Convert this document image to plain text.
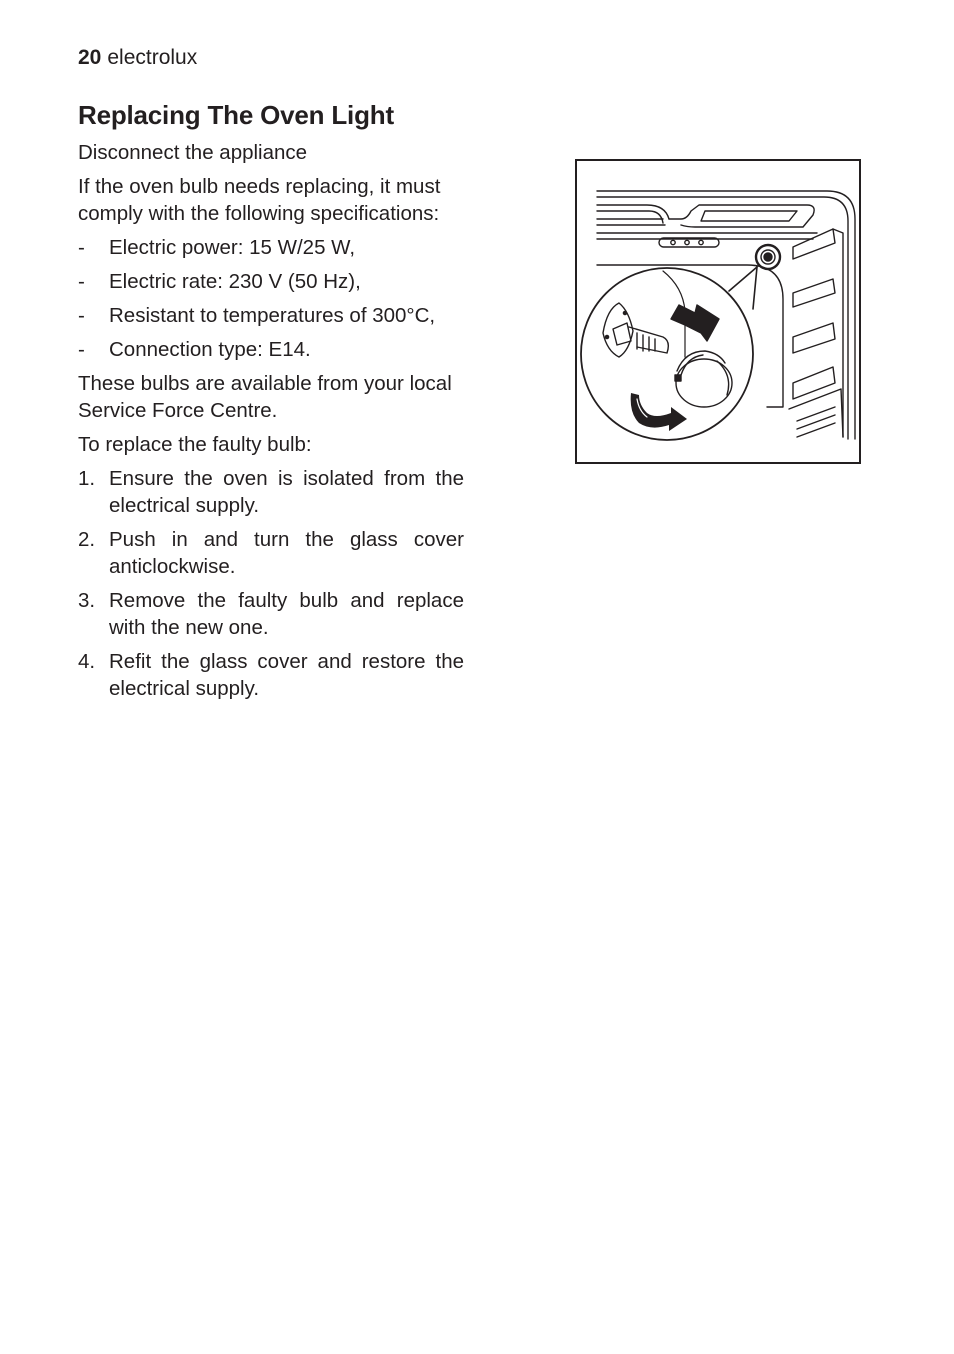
20 electrolux
Replacing The Oven Light

Disconnect the appliance

If the oven bulb needs replacing, it must comply with the following specifications:

-	Electric power: 15 W/25 W,
-	Electric rate: 230 V (50 Hz),
-	Resistant to temperatures of 300°C,
-	Connection type: E14.

These bulbs are available from your local Service Force Centre.

To replace the faulty bulb:

1. Ensure the oven is isolated from the electrical supply.
2. Push in and turn the glass cover anticlockwise.
3. Remove the faulty bulb and replace with the new one.
4. Refit the glass cover and restore the electrical supply.
